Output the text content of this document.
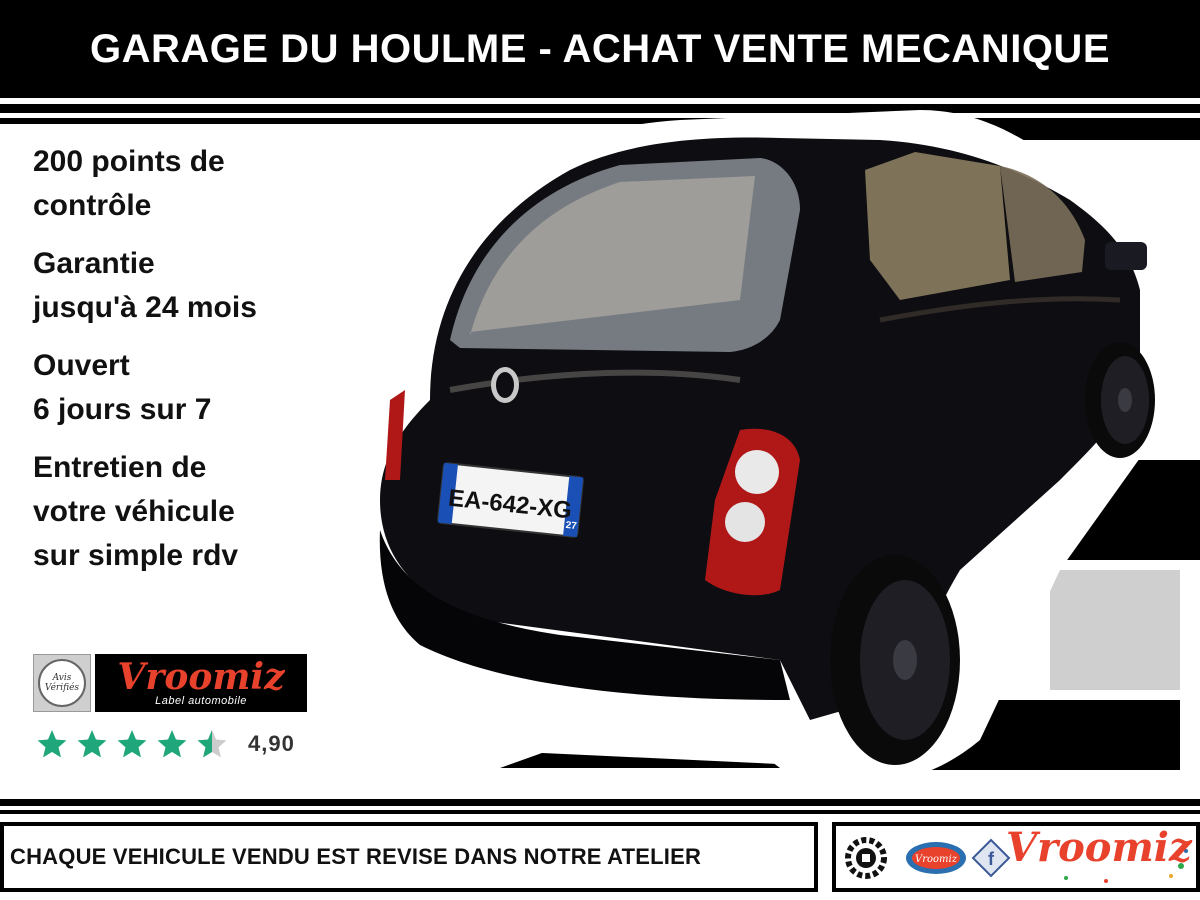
GARAGE DU HOULME - ACHAT VENTE MECANIQUE
200 points de
contrôle
Garantie
jusqu'à 24 mois
Ouvert
6 jours sur 7
Entretien de
votre véhicule
sur simple rdv
Avis
Vérifiés Vroomiz
Label automobile
4,90
EA-642-XG
27
CHAQUE VEHICULE VENDU EST REVISE DANS NOTRE ATELIER	Vroomiz f Vroomiz
